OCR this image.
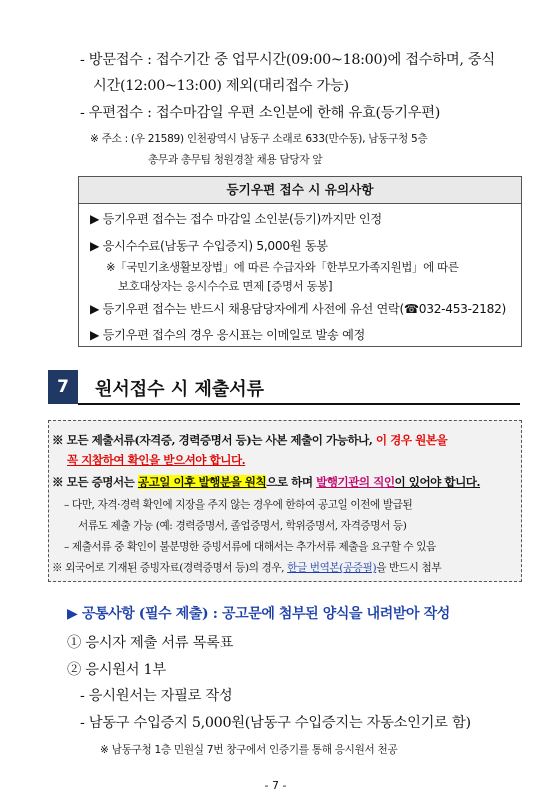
- 방문접수 : 접수기간 중 업무시간(09:00~18:00)에 접수하며, 중식
시간(12:00~13:00) 제외(대리접수 가능)
- 우편접수 : 접수마감일 우편 소인분에 한해 유효(등기우편)
※ 주소 : (우 21589) 인천광역시 남동구 소래로 633(만수동), 남동구청 5층
총무과 총무팀 청원경찰 채용 담당자 앞
등기우편 접수 시 유의사항
▶ 등기우편 접수는 접수 마감일 소인분(등기)까지만 인정
▶ 응시수수료(남동구 수입증지) 5,000원 동봉
※「국민기초생활보장법」에 따른 수급자와「한부모가족지원법」에 따른
보호대상자는 응시수수료 면제 [증명서 동봉]
▶ 등기우편 접수는 반드시 채용담당자에게 사전에 유선 연락(☎032-453-2182)
▶ 등기우편 접수의 경우 응시표는 이메일로 발송 예정
7	원서접수 시 제출서류
※ 모든 제출서류(자격증, 경력증명서 등)는 사본 제출이 가능하나, 이 경우 원본을
꼭 지참하여 확인을 받으셔야 합니다.
※ 모든 증명서는 공고일 이후 발행분을 원칙으로 하며 발행기관의 직인이 있어야 합니다.
– 다만, 자격·경력 확인에 지장을 주지 않는 경우에 한하여 공고일 이전에 발급된
서류도 제출 가능 (예: 경력증명서, 졸업증명서, 학위증명서, 자격증명서 등)
– 제출서류 중 확인이 불분명한 증빙서류에 대해서는 추가서류 제출을 요구할 수 있음
※ 외국어로 기재된 증빙자료(경력증명서 등)의 경우, 한글 번역본(공증필)을 반드시 첨부
▶ 공통사항 (필수 제출) : 공고문에 첨부된 양식을 내려받아 작성
① 응시자 제출 서류 목록표
② 응시원서 1부
- 응시원서는 자필로 작성
- 남동구 수입증지 5,000원(남동구 수입증지는 자동소인기로 함)
※ 남동구청 1층 민원실 7번 창구에서 인증기를 통해 응시원서 천공
- 7 -
